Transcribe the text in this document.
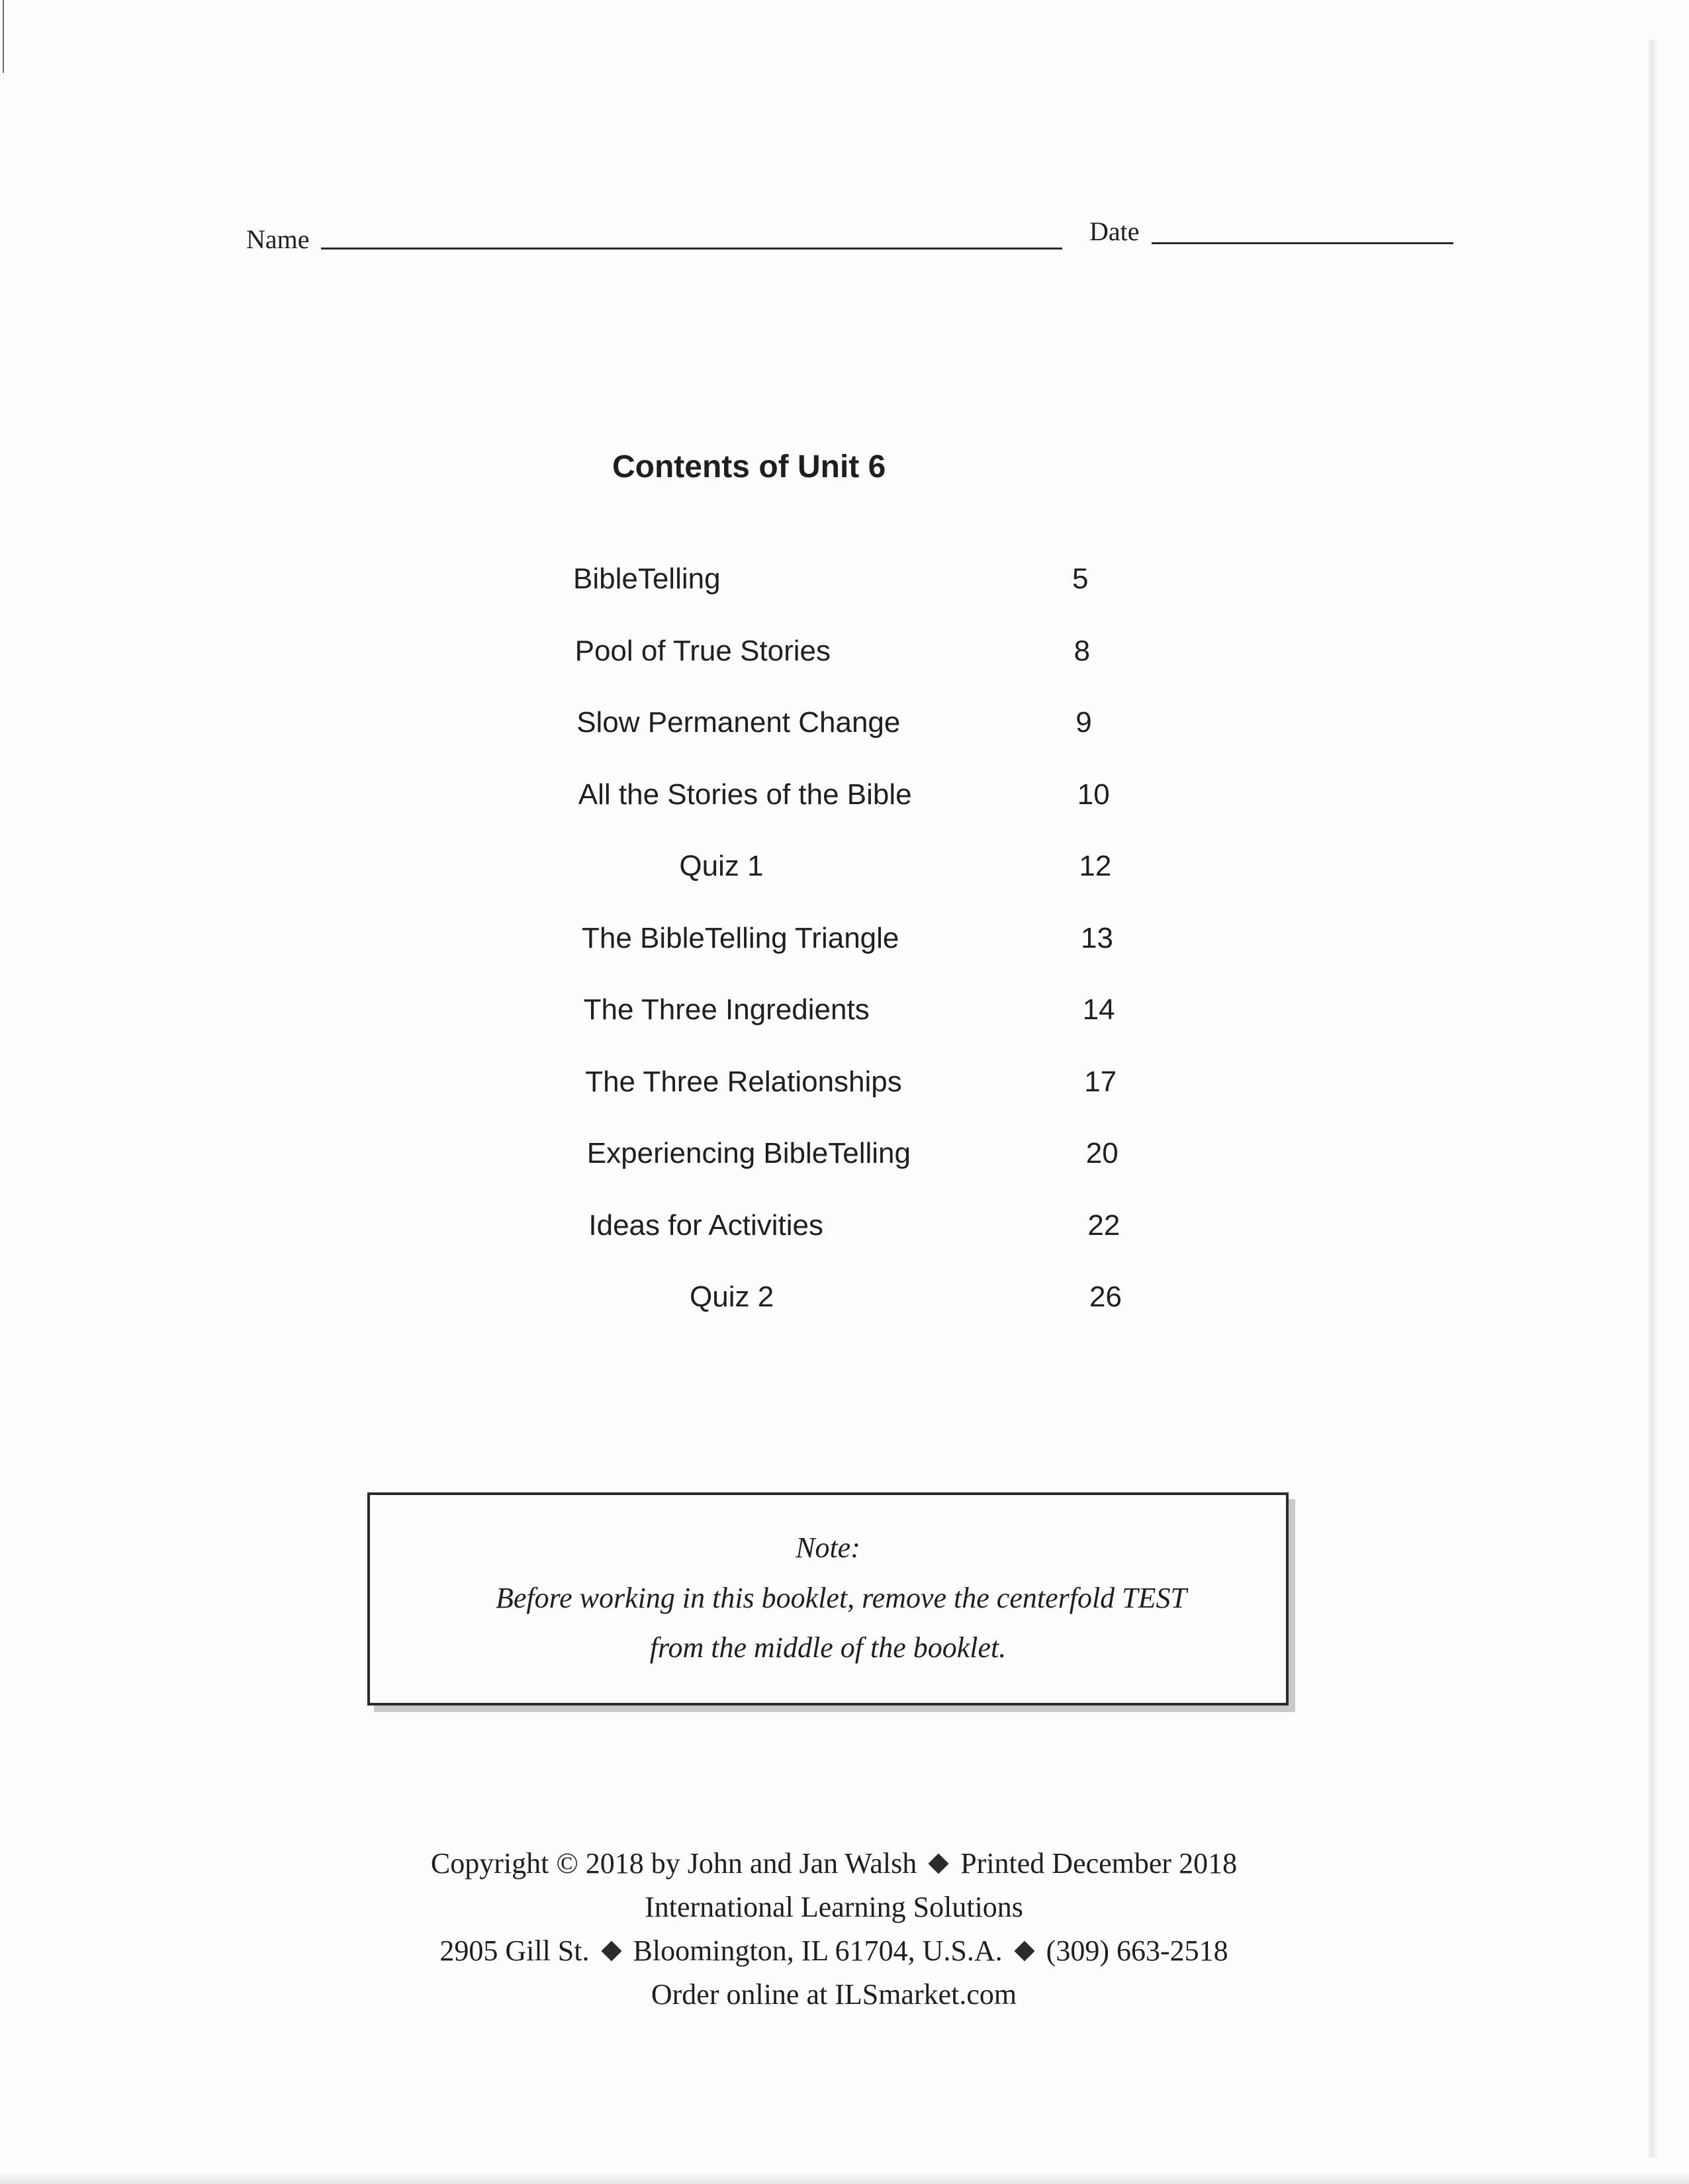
Name	Date
Contents of Unit 6
BibleTelling	5
Pool of True Stories	8
Slow Permanent Change	9
All the Stories of the Bible	10
Quiz 1	12
The BibleTelling Triangle	13
The Three Ingredients	14
The Three Relationships	17
Experiencing BibleTelling	20
Ideas for Activities	22
Quiz 2	26
Note:
Before working in this booklet, remove the centerfold TEST
from the middle of the booklet.
Copyright © 2018 by John and Jan Walsh Printed December 2018
International Learning Solutions
2905 Gill St. Bloomington, IL 61704, U.S.A. (309) 663-2518
Order online at ILSmarket.com
